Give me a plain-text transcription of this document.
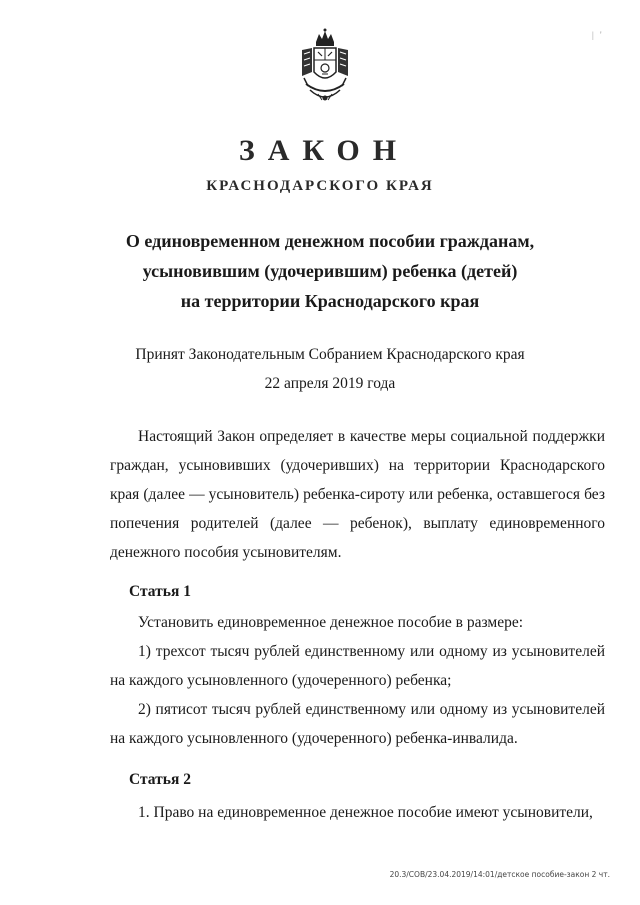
| '
ЗАКОН
КРАСНОДАРСКОГО КРАЯ
О единовременном денежном пособии гражданам,
усыновившим (удочерившим) ребенка (детей)
на территории Краснодарского края
Принят Законодательным Собранием Краснодарского края
22 апреля 2019 года

Настоящий Закон определяет в качестве меры социальной поддержки граждан, усыновивших (удочеривших) на территории Краснодарского края (далее — усыновитель) ребенка-сироту или ребенка, оставшегося без попечения родителей (далее — ребенок), выплату единовременного денежного пособия усыновителям.

Статья 1

Установить единовременное денежное пособие в размере:

1) трехсот тысяч рублей единственному или одному из усыновителей на каждого усыновленного (удочеренного) ребенка;

2) пятисот тысяч рублей единственному или одному из усыновителей на каждого усыновленного (удочеренного) ребенка-инвалида.

Статья 2

1. Право на единовременное денежное пособие имеют усыновители,

20.3/СОВ/23.04.2019/14:01/детское пособие-закон 2 чт.
